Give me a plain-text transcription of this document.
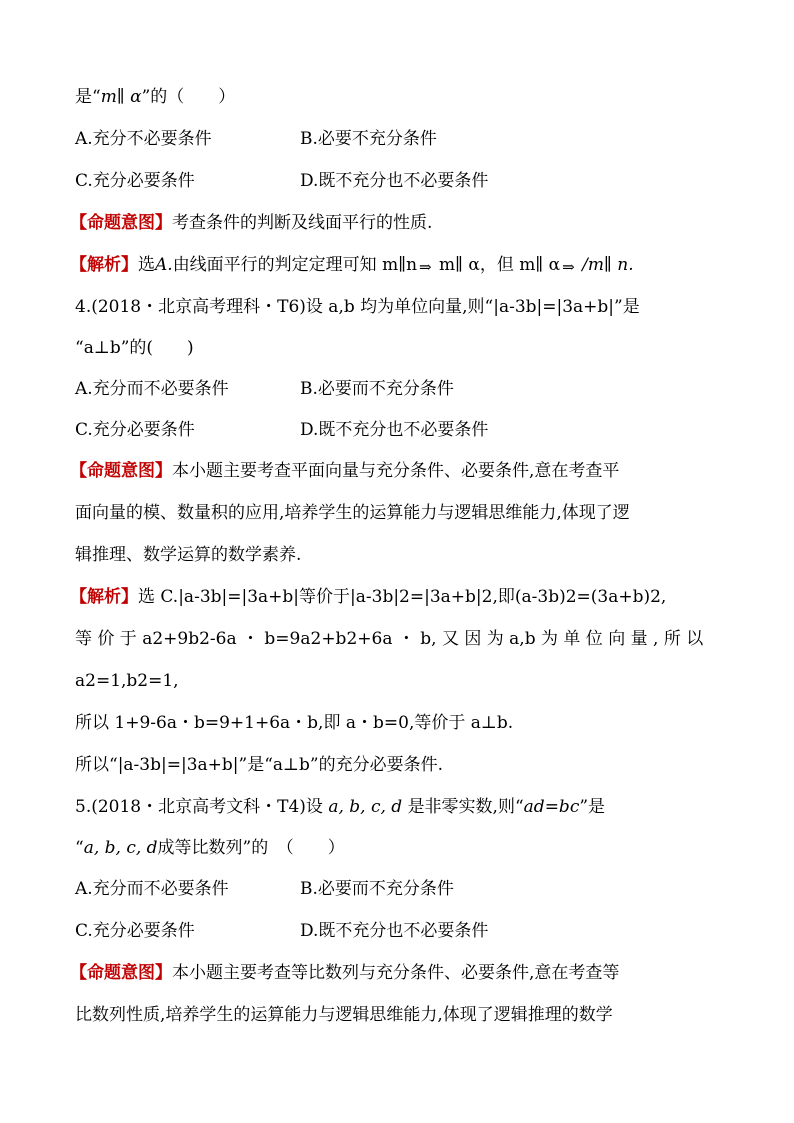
是“m∥ α”的（　　）
A.充分不必要条件	B.必要不充分条件
C.充分必要条件	D.既不充分也不必要条件
【命题意图】考查条件的判断及线面平行的性质.
【解析】选A.由线面平行的判定定理可知 m∥n ⇒ m∥ α，但 m∥ α ⇒ /m∥ n.
4.(2018・北京高考理科・T6)设 a,b 均为单位向量,则“|a-3b|=|3a+b|”是
“a⊥b”的(　　)
A.充分而不必要条件	B.必要而不充分条件
C.充分必要条件	D.既不充分也不必要条件
【命题意图】本小题主要考查平面向量与充分条件、必要条件,意在考查平
面向量的模、数量积的应用,培养学生的运算能力与逻辑思维能力,体现了逻
辑推理、数学运算的数学素养.
【解析】选 C.|a-3b|=|3a+b|等价于|a-3b|2=|3a+b|2,即(a-3b)2=(3a+b)2,
等 价 于 a2+9b2-6a ・ b=9a2+b2+6a ・ b, 又 因 为 a,b 为 单 位 向 量 , 所 以
a2=1,b2=1,
所以 1+9-6a・b=9+1+6a・b,即 a・b=0,等价于 a⊥b.
所以“|a-3b|=|3a+b|”是“a⊥b”的充分必要条件.
5.(2018・北京高考文科・T4)设 a, b, c, d 是非零实数,则“ad=bc”是
“a, b, c, d成等比数列”的　（　　）
A.充分而不必要条件	B.必要而不充分条件
C.充分必要条件	D.既不充分也不必要条件
【命题意图】本小题主要考查等比数列与充分条件、必要条件,意在考查等
比数列性质,培养学生的运算能力与逻辑思维能力,体现了逻辑推理的数学
